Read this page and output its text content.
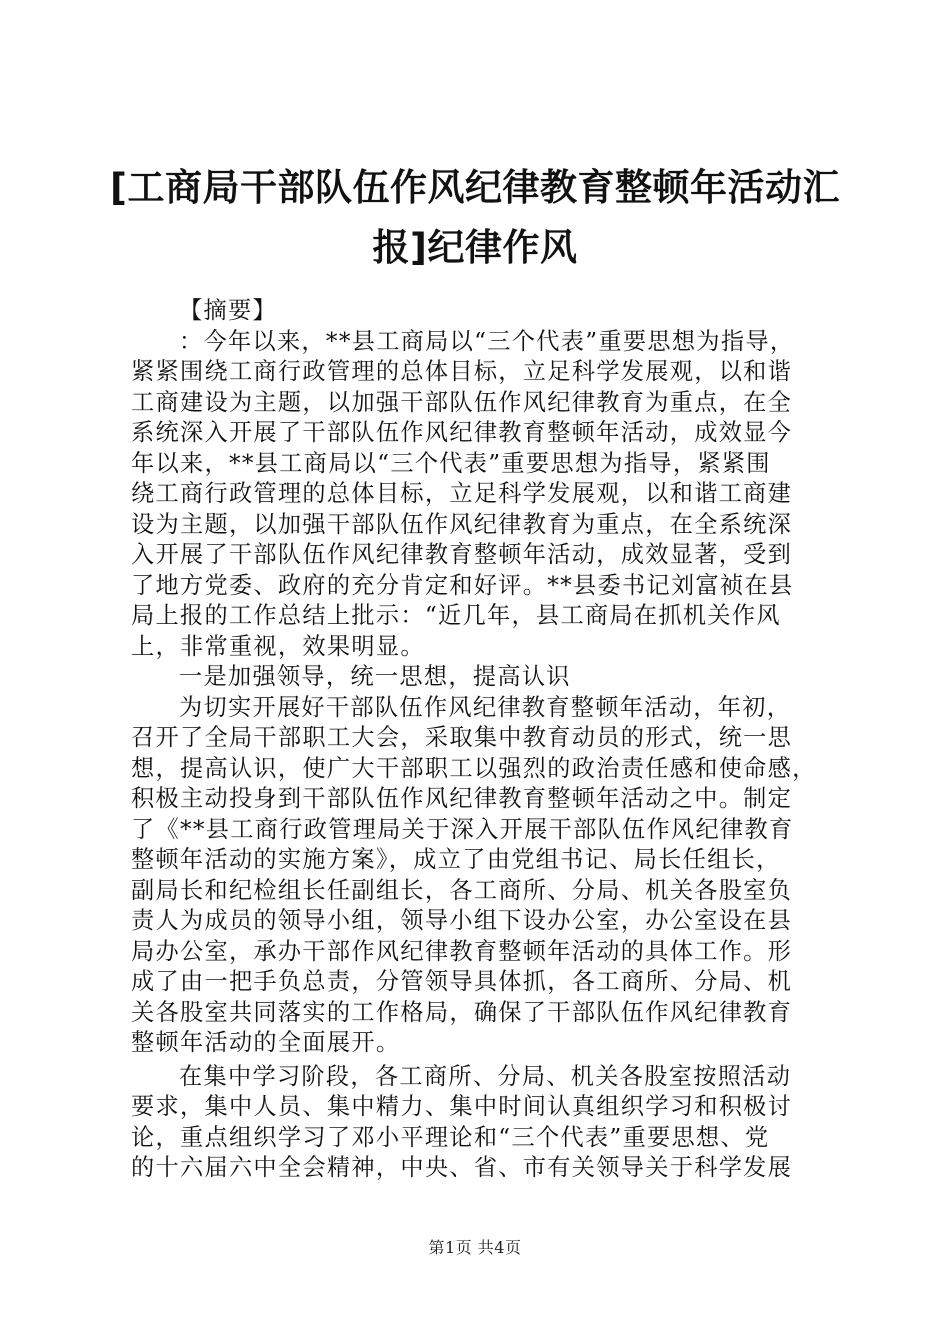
[工商局干部队伍作风纪律教育整顿年活动汇
报]纪律作风
【摘要】
：今年以来，**县工商局以“三个代表”重要思想为指导，
紧紧围绕工商行政管理的总体目标，立足科学发展观，以和谐
工商建设为主题，以加强干部队伍作风纪律教育为重点，在全
系统深入开展了干部队伍作风纪律教育整顿年活动，成效显今
年以来，**县工商局以“三个代表”重要思想为指导，紧紧围
绕工商行政管理的总体目标，立足科学发展观，以和谐工商建
设为主题，以加强干部队伍作风纪律教育为重点，在全系统深
入开展了干部队伍作风纪律教育整顿年活动，成效显著，受到
了地方党委、政府的充分肯定和好评。**县委书记刘富祯在县
局上报的工作总结上批示：“近几年，县工商局在抓机关作风
上，非常重视，效果明显。
一是加强领导，统一思想，提高认识
为切实开展好干部队伍作风纪律教育整顿年活动，年初，
召开了全局干部职工大会，采取集中教育动员的形式，统一思
想，提高认识，使广大干部职工以强烈的政治责任感和使命感，
积极主动投身到干部队伍作风纪律教育整顿年活动之中。制定
了《**县工商行政管理局关于深入开展干部队伍作风纪律教育
整顿年活动的实施方案》，成立了由党组书记、局长任组长，
副局长和纪检组长任副组长，各工商所、分局、机关各股室负
责人为成员的领导小组，领导小组下设办公室，办公室设在县
局办公室，承办干部作风纪律教育整顿年活动的具体工作。形
成了由一把手负总责，分管领导具体抓，各工商所、分局、机
关各股室共同落实的工作格局，确保了干部队伍作风纪律教育
整顿年活动的全面展开。
在集中学习阶段，各工商所、分局、机关各股室按照活动
要求，集中人员、集中精力、集中时间认真组织学习和积极讨
论，重点组织学习了邓小平理论和“三个代表”重要思想、党
的十六届六中全会精神，中央、省、市有关领导关于科学发展
第1页 共4页
